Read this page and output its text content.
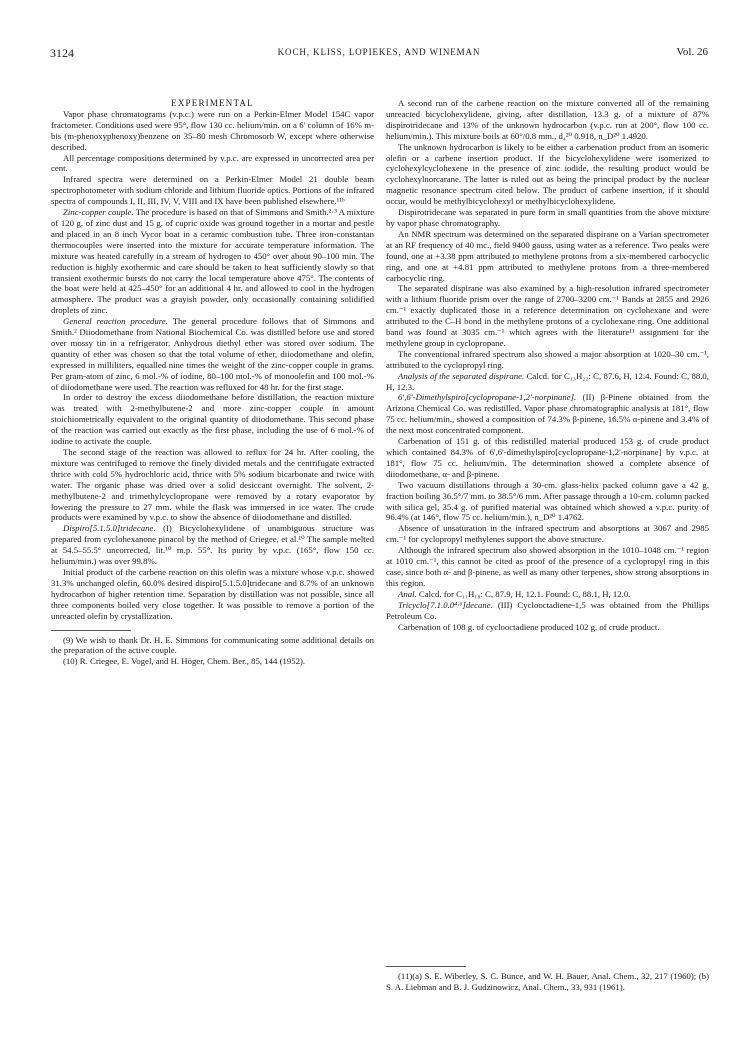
3124	KOCH, KLISS, LOPIEKES, AND WINEMAN	Vol. 26

EXPERIMENTAL

Vapor phase chromatograms (v.p.c.) were run on a Perkin-Elmer Model 154C vapor fractometer. Conditions used were 95°, flow 130 cc. helium/min. on a 6' column of 16% m-bis (m-phenoxyphenoxy)benzene on 35–80 mesh Chromosorb W, except where otherwise described.

All percentage compositions determined by v.p.c. are expressed in uncorrected area per cent.

Infrared spectra were determined on a Perkin-Elmer Model 21 double beam spectrophotometer with sodium chloride and lithium fluoride optics. Portions of the infrared spectra of compounds I, II, III, IV, V, VIII and IX have been published elsewhere.¹¹ᵇ

Zinc-copper couple. The procedure is based on that of Simmons and Smith.²·³ A mixture of 120 g. of zinc dust and 15 g. of cupric oxide was ground together in a mortar and pestle and placed in an 8 inch Vycor boat in a ceramic combustion tube. Three iron-constantan thermocouples were inserted into the mixture for accurate temperature information. The mixture was heated carefully in a stream of hydrogen to 450° over about 90–100 min. The reduction is highly exothermic and care should be taken to heat sufficiently slowly so that transient exothermic bursts do not carry the local temperature above 475°. The contents of the boat were held at 425–450° for an additional 4 hr. and allowed to cool in the hydrogen atmosphere. The product was a grayish powder, only occasionally containing solidified droplets of zinc.

General reaction procedure. The general procedure follows that of Simmons and Smith.² Diiodomethane from National Biochemical Co. was distilled before use and stored over mossy tin in a refrigerator. Anhydrous diethyl ether was stored over sodium. The quantity of ether was chosen so that the total volume of ether, diiodomethane and olefin, expressed in milliliters, equalled nine times the weight of the zinc-copper couple in grams. Per gram-atom of zinc, 6 mol.-% of iodine, 80–100 mol.-% of monoolefin and 100 mol.-% of diiodomethane were used. The reaction was refluxed for 48 hr. for the first stage.

In order to destroy the excess diiodomethane before distillation, the reaction mixture was treated with 2-methylbutene-2 and more zinc-copper couple in amount stoichiometrically equivalent to the original quantity of diiodomethane. This second phase of the reaction was carried out exactly as the first phase, including the use of 6 mol.-% of iodine to activate the couple.

The second stage of the reaction was allowed to reflux for 24 hr. After cooling, the mixture was centrifuged to remove the finely divided metals and the centrifugate extracted thrice with cold 5% hydrochloric acid, thrice with 5% sodium bicarbonate and twice with water. The organic phase was dried over a solid desiccant overnight. The solvent, 2-methylbutene-2 and trimethylcyclopropane were removed by a rotary evaporator by lowering the pressure to 27 mm. while the flask was immersed in ice water. The crude products were examined by v.p.c. to show the absence of diiodomethane and distilled.

Dispiro[5.1.5.0]tridecane. (I) Bicyclohexylidene of unambiguous structure was prepared from cyclohexanone pinacol by the method of Criegee, et al.¹⁰ The sample melted at 54.5–55.5° uncorrected, lit.¹⁰ m.p. 55°. Its purity by v.p.c. (165°, flow 150 cc. helium/min.) was over 99.8%.

Initial product of the carbene reaction on this olefin was a mixture whose v.p.c. showed 31.3% unchanged olefin, 60.0% desired dispiro[5.1.5.0]tridecane and 8.7% of an unknown hydrocarbon of higher retention time. Separation by distillation was not possible, since all three components boiled very close together. It was possible to remove a portion of the unreacted olefin by crystallization.

(9) We wish to thank Dr. H. E. Simmons for communicating some additional details on the preparation of the active couple.

(10) R. Criegee, E. Vogel, and H. Höger, Chem. Ber., 85, 144 (1952).

A second run of the carbene reaction on the mixture converted all of the remaining unreacted bicyclohexylidene, giving, after distillation, 13.3 g. of a mixture of 87% dispirotridecane and 13% of the unknown hydrocarbon (v.p.c. run at 200°, flow 100 cc. helium/min.). This mixture boils at 60°/0.8 mm., d₄²⁰ 0.918, n_D²⁰ 1.4920.

The unknown hydrocarbon is likely to be either a carbenation product from an isomeric olefin or a carbene insertion product. If the bicyclohexylidene were isomerized to cyclohexylcyclohexene in the presence of zinc iodide, the resulting product would be cyclohexylnorcarane. The latter is ruled out as being the principal product by the nuclear magnetic resonance spectrum cited below. The product of carbene insertion, if it should occur, would be methylbicyclohexyl or methylbicyclohexylidene.

Dispirotridecane was separated in pure form in small quantities from the above mixture by vapor phase chromatography.

An NMR spectrum was determined on the separated dispirane on a Varian spectrometer at an RF frequency of 40 mc., field 9400 gauss, using water as a reference. Two peaks were found, one at +3.38 ppm attributed to methylene protons from a six-membered carbocyclic ring, and one at +4.81 ppm attributed to methylene protons from a three-membered carbocyclic ring.

The separated dispirane was also examined by a high-resolution infrared spectrometer with a lithium fluoride prism over the range of 2700–3200 cm.⁻¹ Bands at 2855 and 2926 cm.⁻¹ exactly duplicated those in a reference determination on cyclohexane and were attributed to the C–H bond in the methylene protons of a cyclohexane ring. One additional band was found at 3035 cm.⁻¹ which agrees with the literature¹¹ assignment for the methylene group in cyclopropane.

The conventional infrared spectrum also showed a major absorption at 1020–30 cm.⁻¹, attributed to the cyclopropyl ring.

Analysis of the separated dispirane. Calcd. for C₁₃H₂₂: C, 87.6, H, 12.4. Found: C, 88.0, H, 12.3.

6',6'-Dimethylspiro[cyclopropane-1,2'-norpinane]. (II) β-Pinene obtained from the Arizona Chemical Co. was redistilled. Vapor phase chromatographic analysis at 181°, flow 75 cc. helium/min., showed a composition of 74.3% β-pinene, 16.5% α-pinene and 3.4% of the next most concentrated component.

Carbenation of 151 g. of this redistilled material produced 153 g. of crude product which contained 84.3% of 6',6'-dimethylspiro[cyclopropane-1,2'-norpinane] by v.p.c. at 181°, flow 75 cc. helium/min. The determination showed a complete absence of diiodomethane, α- and β-pinene.

Two vacuum distillations through a 30-cm. glass-helix packed column gave a 42 g. fraction boiling 36.5°/7 mm. to 38.5°/6 mm. After passage through a 10-cm. column packed with silica gel, 35.4 g. of purified material was obtained which showed a v.p.c. purity of 96.4% (at 146°, flow 75 cc. helium/min.), n_D²⁰ 1.4762.

Absence of unsaturation in the infrared spectrum and absorptions at 3067 and 2985 cm.⁻¹ for cyclopropyl methylenes support the above structure.

Although the infrared spectrum also showed absorption in the 1010–1048 cm.⁻¹ region at 1010 cm.⁻¹, this cannot be cited as proof of the presence of a cyclopropyl ring in this case, since both α- and β-pinene, as well as many other terpenes, show strong absorptions in this region.

Anal. Calcd. for C₁₁H₁₈: C, 87.9, H, 12.1. Found: C, 88.1, H, 12.0.

Tricyclo[7.1.0.0⁴·⁶]decane. (III) Cyclooctadiene-1,5 was obtained from the Phillips Petroleum Co.

Carbenation of 108 g. of cyclooctadiene produced 102 g. of crude product.

(11)(a) S. E. Wiberley, S. C. Bunce, and W. H. Bauer, Anal. Chem., 32, 217 (1960); (b) S. A. Liebman and B. J. Gudzinowicz, Anal. Chem., 33, 931 (1961).
